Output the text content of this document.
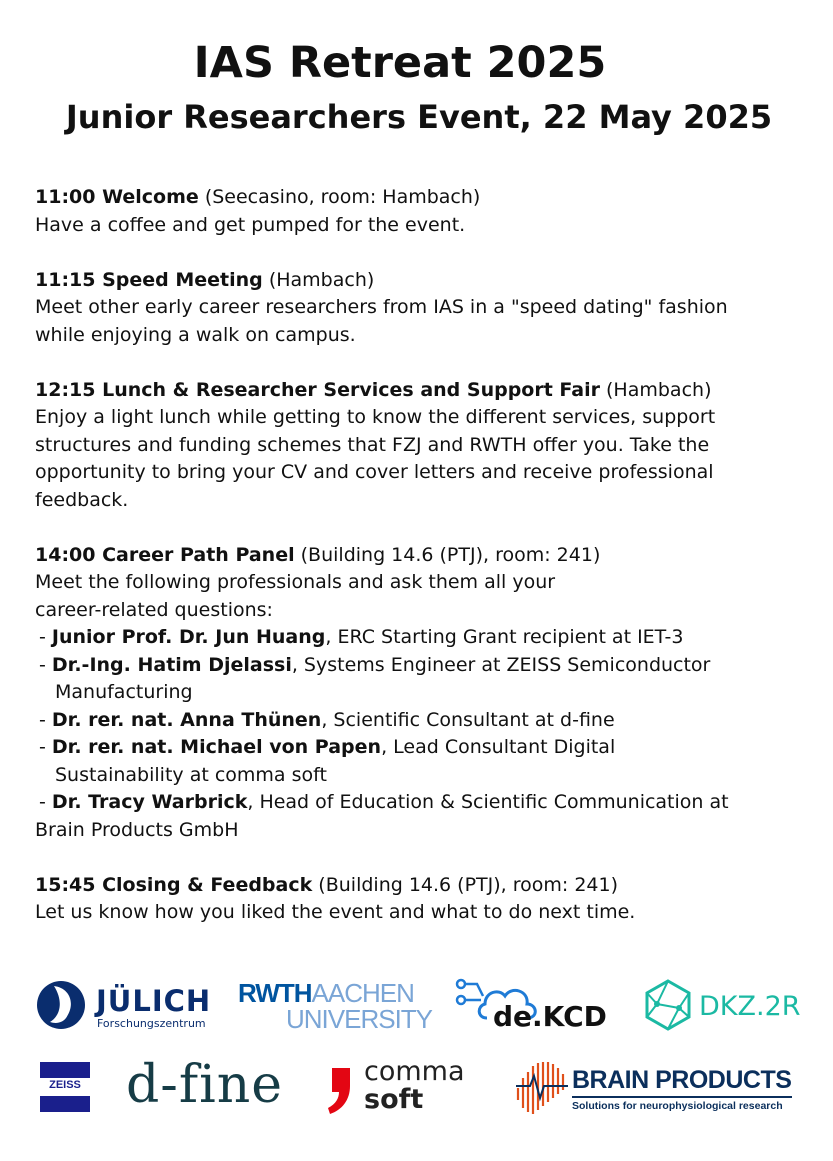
IAS Retreat 2025
Junior Researchers Event, 22 May 2025

11:00 Welcome (Seecasino, room: Hambach)

Have a coffee and get pumped for the event.

11:15 Speed Meeting (Hambach)

Meet other early career researchers from IAS in a "speed dating" fashion

while enjoying a walk on campus.

12:15 Lunch & Researcher Services and Support Fair (Hambach)

Enjoy a light lunch while getting to know the different services, support

structures and funding schemes that FZJ and RWTH offer you. Take the

opportunity to bring your CV and cover letters and receive professional

feedback.

14:00 Career Path Panel (Building 14.6 (PTJ), room: 241)

Meet the following professionals and ask them all your

career-related questions:

- Junior Prof. Dr. Jun Huang, ERC Starting Grant recipient at IET-3

- Dr.-Ing. Hatim Djelassi, Systems Engineer at ZEISS Semiconductor
Manufacturing

- Dr. rer. nat. Anna Thünen, Scientific Consultant at d-fine

- Dr. rer. nat. Michael von Papen, Lead Consultant Digital
Sustainability at comma soft

- Dr. Tracy Warbrick, Head of Education & Scientific Communication at
Brain Products GmbH

15:45 Closing & Feedback (Building 14.6 (PTJ), room: 241)

Let us know how you liked the event and what to do next time.

JÜLICH
Forschungszentrum
RWTHAACHEN
UNIVERSITY de.KCD	DKZ.2R
ZEISS d-fine	comma
soft
BRAIN PRODUCTS
Solutions for neurophysiological research
